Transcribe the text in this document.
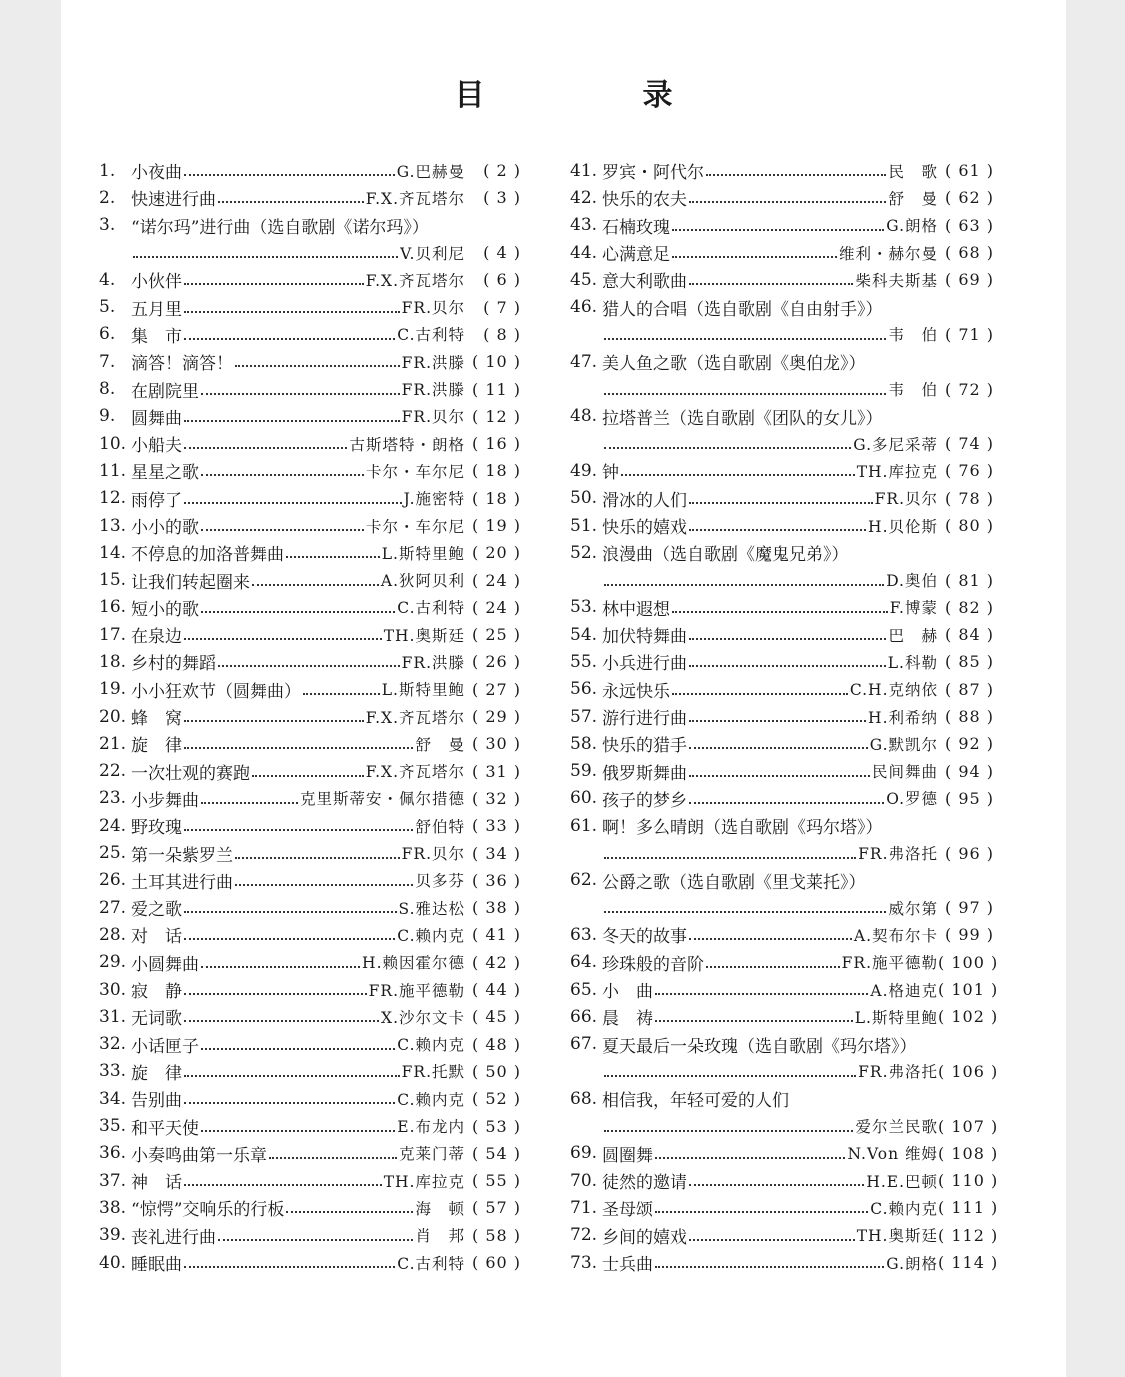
目　录
1. 小夜曲	G.巴赫曼	( 2 )
2. 快速进行曲	F.X.齐瓦塔尔	( 3 )
3. “诺尔玛”进行曲（选自歌剧《诺尔玛》）
V.贝利尼	( 4 )
4. 小伙伴	F.X.齐瓦塔尔	( 6 )
5. 五月里	FR.贝尔	( 7 )
6. 集　市	C.古利特	( 8 )
7. 滴答！滴答！	FR.洪滕 ( 10 )
8. 在剧院里	FR.洪滕 ( 11 )
9. 圆舞曲	FR.贝尔 ( 12 )
10. 小船夫	古斯塔特・朗格 ( 16 )
11. 星星之歌	卡尔・车尔尼 ( 18 )
12. 雨停了	J.施密特 ( 18 )
13. 小小的歌	卡尔・车尔尼 ( 19 )
14. 不停息的加洛普舞曲	L.斯特里鲍 ( 20 )
15. 让我们转起圈来	A.狄阿贝利 ( 24 )
16. 短小的歌	C.古利特 ( 24 )
17. 在泉边	TH.奥斯廷 ( 25 )
18. 乡村的舞蹈	FR.洪滕 ( 26 )
19. 小小狂欢节（圆舞曲）	L.斯特里鲍 ( 27 )
20. 蜂　窝	F.X.齐瓦塔尔 ( 29 )
21. 旋　律	舒　曼 ( 30 )
22. 一次壮观的赛跑	F.X.齐瓦塔尔 ( 31 )
23. 小步舞曲	克里斯蒂安・佩尔措德 ( 32 )
24. 野玫瑰	舒伯特 ( 33 )
25. 第一朵紫罗兰	FR.贝尔 ( 34 )
26. 土耳其进行曲	贝多芬 ( 36 )
27. 爱之歌	S.雅达松 ( 38 )
28. 对　话	C.赖内克 ( 41 )
29. 小圆舞曲	H.赖因霍尔德 ( 42 )
30. 寂　静	FR.施平德勒 ( 44 )
31. 无词歌	X.沙尔文卡 ( 45 )
32. 小话匣子	C.赖内克 ( 48 )
33. 旋　律	FR.托默 ( 50 )
34. 告别曲	C.赖内克 ( 52 )
35. 和平天使	E.布龙内 ( 53 )
36. 小奏鸣曲第一乐章	克莱门蒂 ( 54 )
37. 神　话	TH.库拉克 ( 55 )
38. “惊愕”交响乐的行板	海　顿 ( 57 )
39. 丧礼进行曲	肖　邦 ( 58 )
40. 睡眠曲	C.古利特 ( 60 )
41. 罗宾・阿代尔	民　歌 ( 61 )
42. 快乐的农夫	舒　曼 ( 62 )
43. 石楠玫瑰	G.朗格 ( 63 )
44. 心满意足	维利・赫尔曼 ( 68 )
45. 意大利歌曲	柴科夫斯基 ( 69 )
46. 猎人的合唱（选自歌剧《自由射手》）
韦　伯 ( 71 )
47. 美人鱼之歌（选自歌剧《奥伯龙》）
韦　伯 ( 72 )
48. 拉塔普兰（选自歌剧《团队的女儿》）
G.多尼采蒂 ( 74 )
49. 钟	TH.库拉克 ( 76 )
50. 滑冰的人们	FR.贝尔 ( 78 )
51. 快乐的嬉戏	H.贝伦斯 ( 80 )
52. 浪漫曲（选自歌剧《魔鬼兄弟》）
D.奥伯 ( 81 )
53. 林中遐想	F.博蒙 ( 82 )
54. 加伏特舞曲	巴　赫 ( 84 )
55. 小兵进行曲	L.科勒 ( 85 )
56. 永远快乐	C.H.克纳依 ( 87 )
57. 游行进行曲	H.利希纳 ( 88 )
58. 快乐的猎手	G.默凯尔 ( 92 )
59. 俄罗斯舞曲	民间舞曲 ( 94 )
60. 孩子的梦乡	O.罗德 ( 95 )
61. 啊！多么晴朗（选自歌剧《玛尔塔》）
FR.弗洛托 ( 96 )
62. 公爵之歌（选自歌剧《里戈莱托》）
威尔第 ( 97 )
63. 冬天的故事	A.契布尔卡 ( 99 )
64. 珍珠般的音阶	FR.施平德勒 ( 100 )
65. 小　曲	A.格迪克 ( 101 )
66. 晨　祷	L.斯特里鲍 ( 102 )
67. 夏天最后一朵玫瑰（选自歌剧《玛尔塔》）
FR.弗洛托 ( 106 )
68. 相信我，年轻可爱的人们
爱尔兰民歌 ( 107 )
69. 圆圈舞	N.Von 维姆 ( 108 )
70. 徒然的邀请	H.E.巴顿 ( 110 )
71. 圣母颂	C.赖内克 ( 111 )
72. 乡间的嬉戏	TH.奥斯廷 ( 112 )
73. 士兵曲	G.朗格 ( 114 )
